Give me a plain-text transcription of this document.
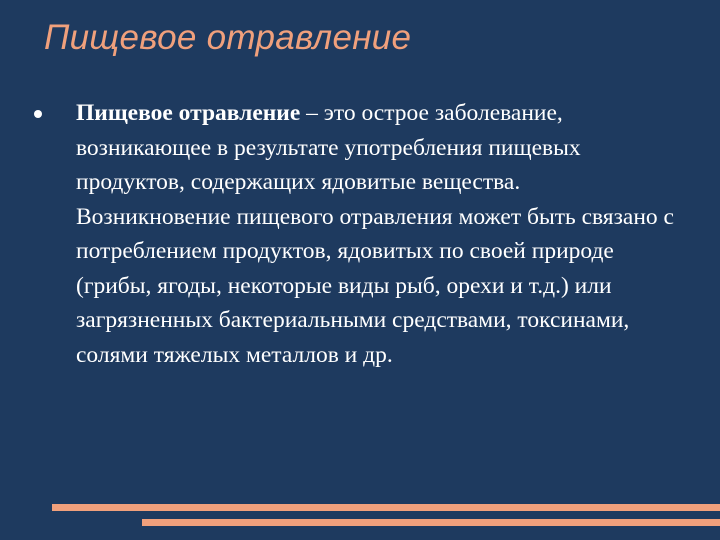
Пищевое отравление
Пищевое отравление – это острое заболевание, возникающее в результате употребления пищевых продуктов, содержащих ядовитые вещества. Возникновение пищевого отравления может быть связано с потреблением продуктов, ядовитых по своей природе (грибы, ягоды, некоторые виды рыб, орехи и т.д.) или загрязненных бактериальными средствами, токсинами, солями тяжелых металлов и др.
